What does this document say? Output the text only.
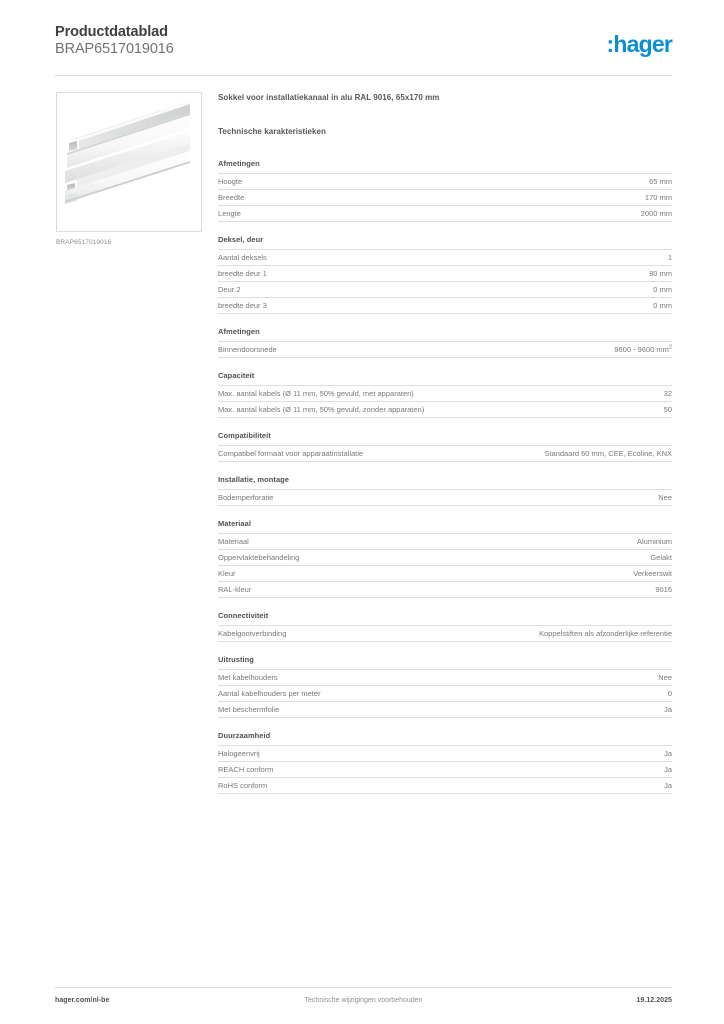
Productdatablad
BRAP6517019016	:hager
BRAP6517019016
Sokkel voor installatiekanaal in alu RAL 9016, 65x170 mm
Technische karakteristieken
Afmetingen
Hoogte	65 mm
Breedte	170 mm
Lengte	2000 mm
Deksel, deur
Aantal deksels	1
breedte deur 1	80 mm
Deur 2	0 mm
breedte deur 3	0 mm
Afmetingen
Binnendoorsnede	9600 - 9600 $mm^2$
Capaciteit
Max. aantal kabels (Ø 11 mm, 50% gevuld, met apparaten)	32
Max. aantal kabels (Ø 11 mm, 50% gevuld, zonder apparaten)	50
Compatibiliteit
Compatibel formaat voor apparaatinstallatie	Standaard 60 mm, CEE, Ecoline, KNX
Installatie, montage
Bodemperforatie	Nee
Materiaal
Materiaal	Aluminium
Oppervlaktebehandeling	Gelakt
Kleur	Verkeerswit
RAL-kleur	9016
Connectiviteit
Kabelgootverbinding	Koppelstiften als afzonderlijke referentie
Uitrusting
Met kabelhouders	Nee
Aantal kabelhouders per meter	0
Met beschermfolie	Ja
Duurzaamheid
Halogeenvrij	Ja
REACH conform	Ja
RoHS conform	Ja
hager.com/nl-be	Technische wijzigingen voorbehouden	19.12.2025
